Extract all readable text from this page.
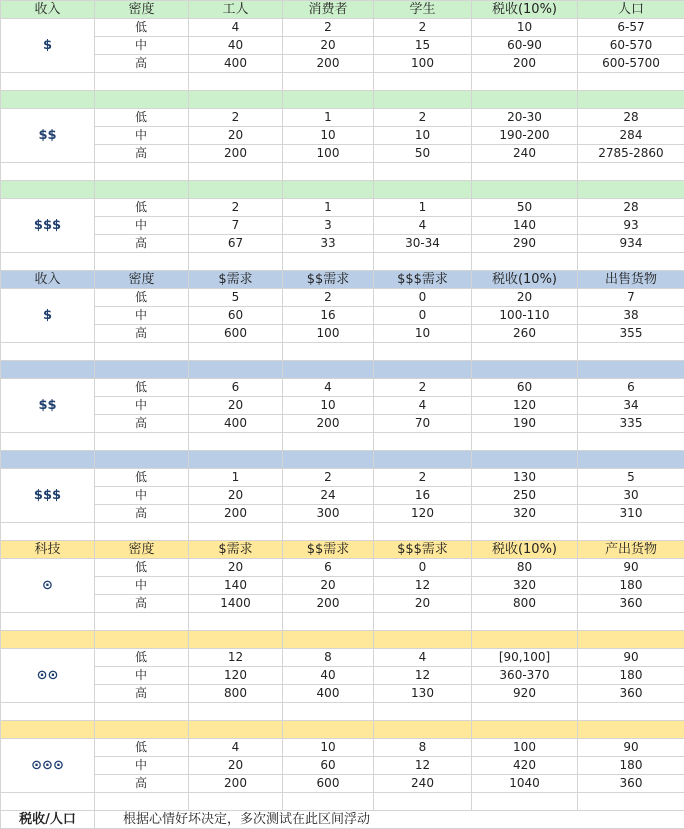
收入	密度	工人	消费者	学生	税收(10%)	人口
$	低	4	2	2	10	6-57
	中	40	20	15	60-90	60-570
	高	400	200	100	200	600-5700

$$	低	2	1	2	20-30	28
	中	20	10	10	190-200	284
	高	200	100	50	240	2785-2860

$$$	低	2	1	1	50	28
	中	7	3	4	140	93
	高	67	33	30-34	290	934

收入	密度	$需求	$$需求	$$$需求	税收(10%)	出售货物
$	低	5	2	0	20	7
	中	60	16	0	100-110	38
	高	600	100	10	260	355

$$	低	6	4	2	60	6
	中	20	10	4	120	34
	高	400	200	70	190	335

$$$	低	1	2	2	130	5
	中	20	24	16	250	30
	高	200	300	120	320	310

科技	密度	$需求	$$需求	$$$需求	税收(10%)	产出货物
⊙	低	20	6	0	80	90
	中	140	20	12	320	180
	高	1400	200	20	800	360

⊙⊙	低	12	8	4	[90,100]	90
	中	120	40	12	360-370	180
	高	800	400	130	920	360

⊙⊙⊙	低	4	10	8	100	90
	中	20	60	12	420	180
	高	200	600	240	1040	360

税收/人口	根据心情好坏决定，多次测试在此区间浮动					
